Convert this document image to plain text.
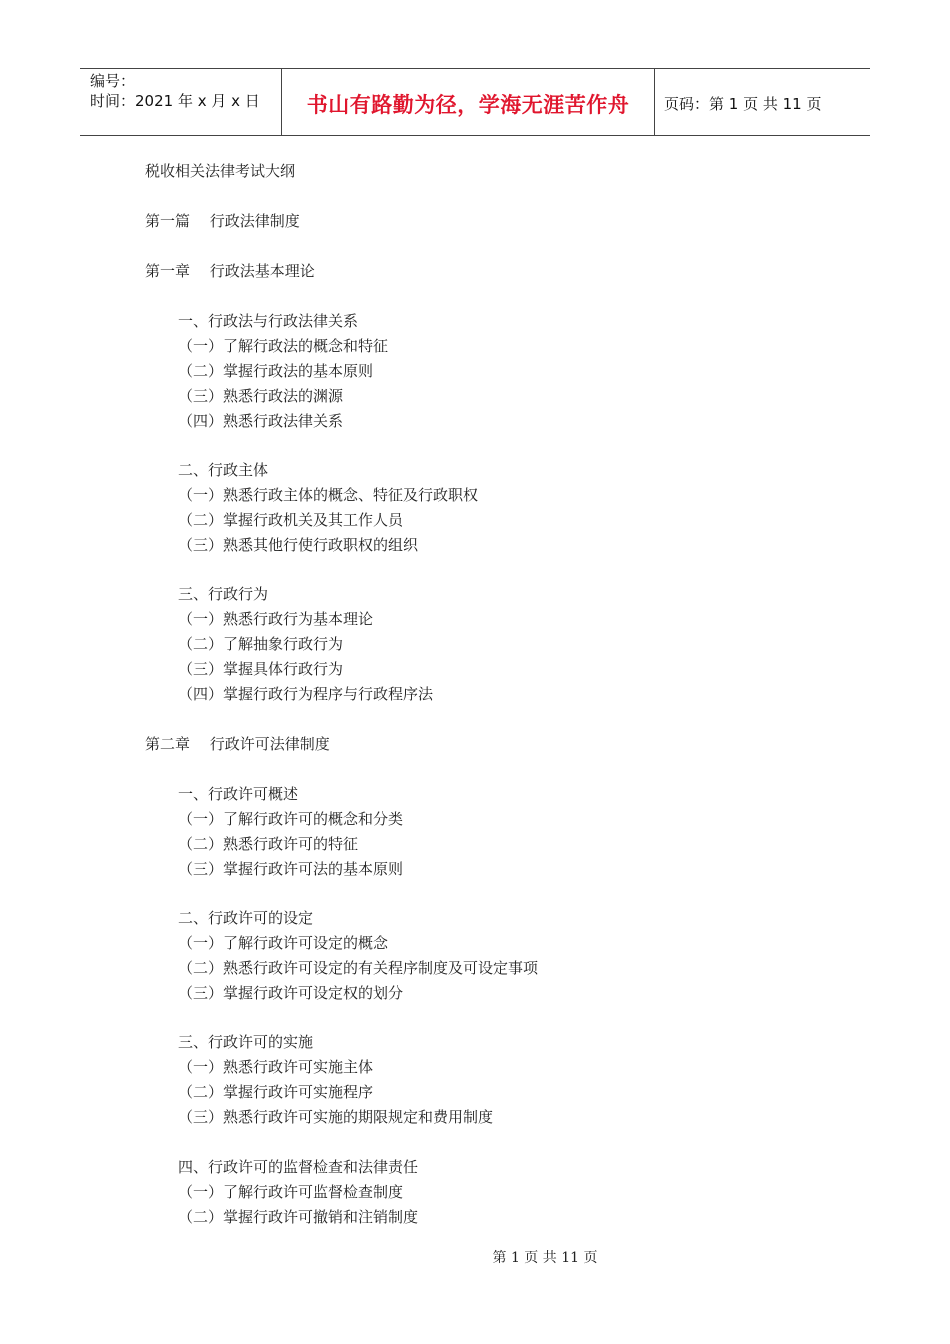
编号：
时间：2021 年 x 月 x 日	书山有路勤为径，学海无涯苦作舟	页码：第 1 页 共 11 页
税收相关法律考试大纲
第一篇　 行政法律制度
第一章　 行政法基本理论
一、行政法与行政法律关系
（一）了解行政法的概念和特征
（二）掌握行政法的基本原则
（三）熟悉行政法的渊源
（四）熟悉行政法律关系
二、行政主体
（一）熟悉行政主体的概念、特征及行政职权
（二）掌握行政机关及其工作人员
（三）熟悉其他行使行政职权的组织
三、行政行为
（一）熟悉行政行为基本理论
（二）了解抽象行政行为
（三）掌握具体行政行为
（四）掌握行政行为程序与行政程序法
第二章　 行政许可法律制度
一、行政许可概述
（一）了解行政许可的概念和分类
（二）熟悉行政许可的特征
（三）掌握行政许可法的基本原则
二、行政许可的设定
（一）了解行政许可设定的概念
（二）熟悉行政许可设定的有关程序制度及可设定事项
（三）掌握行政许可设定权的划分
三、行政许可的实施
（一）熟悉行政许可实施主体
（二）掌握行政许可实施程序
（三）熟悉行政许可实施的期限规定和费用制度
四、行政许可的监督检查和法律责任
（一）了解行政许可监督检查制度
（二）掌握行政许可撤销和注销制度
第 1 页 共 11 页
